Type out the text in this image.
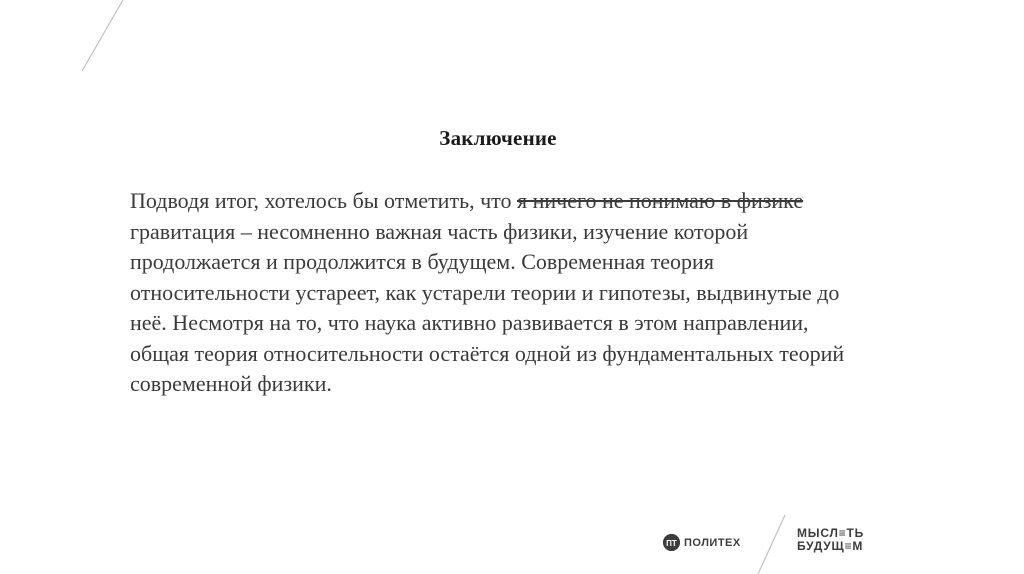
Заключение
Подводя итог, хотелось бы отметить, что я ничего не понимаю в физике гравитация – несомненно важная часть физики, изучение которой продолжается и продолжится в будущем. Современная теория относительности устареет, как устарели теории и гипотезы, выдвинутые до неё. Несмотря на то, что наука активно развивается в этом направлении, общая теория относительности остаётся одной из фундаментальных теорий современной физики.
ПТ ПОЛИТЕХ
МЫСЛ≡ТЬ
БУДУЩ≡М
